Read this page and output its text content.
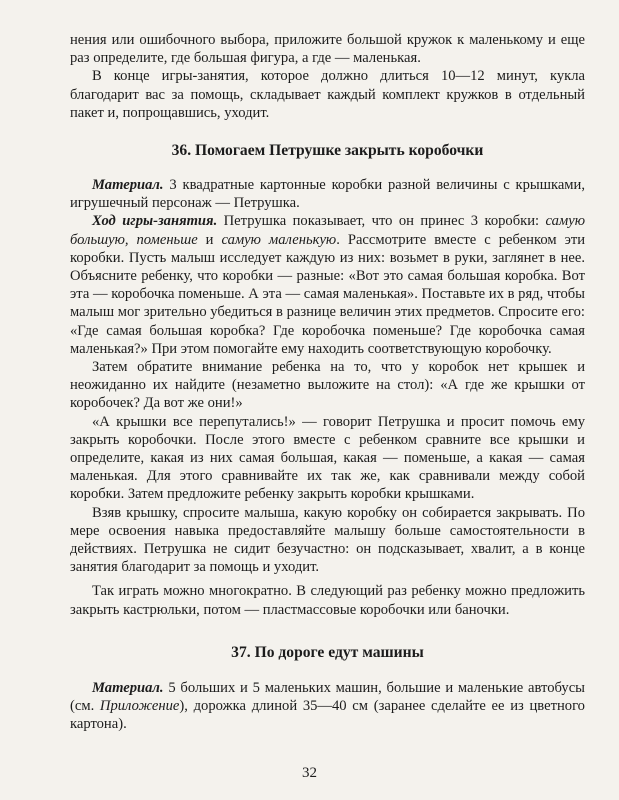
нения или ошибочного выбора, приложите большой кружок к маленькому и еще раз определите, где большая фигура, а где — маленькая.

В конце игры-занятия, которое должно длиться 10—12 минут, кукла благодарит вас за помощь, складывает каждый комплект кружков в отдельный пакет и, попрощавшись, уходит.

36. Помогаем Петрушке закрыть коробочки

Материал. 3 квадратные картонные коробки разной величины с крышками, игрушечный персонаж — Петрушка.

Ход игры-занятия. Петрушка показывает, что он принес 3 коробки: самую большую, поменьше и самую маленькую. Рассмотрите вместе с ребенком эти коробки. Пусть малыш исследует каждую из них: возьмет в руки, заглянет в нее. Объясните ребенку, что коробки — разные: «Вот это самая большая коробка. Вот эта — коробочка поменьше. А эта — самая маленькая». Поставьте их в ряд, чтобы малыш мог зрительно убедиться в разнице величин этих предметов. Спросите его: «Где самая большая коробка? Где коробочка поменьше? Где коробочка самая маленькая?» При этом помогайте ему находить соответствующую коробочку.

Затем обратите внимание ребенка на то, что у коробок нет крышек и неожиданно их найдите (незаметно выложите на стол): «А где же крышки от коробочек? Да вот же они!»

«А крышки все перепутались!» — говорит Петрушка и просит помочь ему закрыть коробочки. После этого вместе с ребенком сравните все крышки и определите, какая из них самая большая, какая — поменьше, а какая — самая маленькая. Для этого сравнивайте их так же, как сравнивали между собой коробки. Затем предложите ребенку закрыть коробки крышками.

Взяв крышку, спросите малыша, какую коробку он собирается закрывать. По мере освоения навыка предоставляйте малышу больше самостоятельности в действиях. Петрушка не сидит безучастно: он подсказывает, хвалит, а в конце занятия благодарит за помощь и уходит.

Так играть можно многократно. В следующий раз ребенку можно предложить закрыть кастрюльки, потом — пластмассовые коробочки или баночки.

37. По дороге едут машины

Материал. 5 больших и 5 маленьких машин, большие и маленькие автобусы (см. Приложение), дорожка длиной 35—40 см (заранее сделайте ее из цветного картона).

32
